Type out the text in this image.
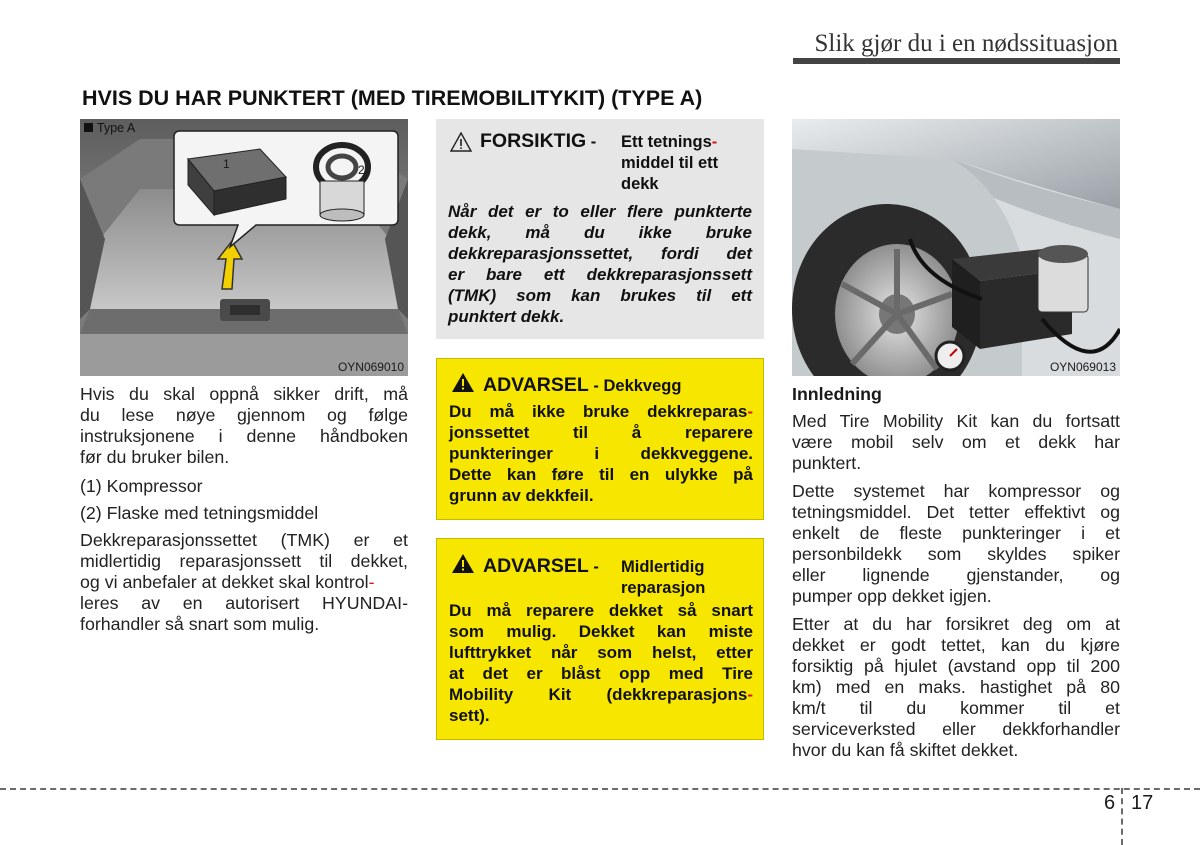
Slik gjør du i en nødssituasjon
HVIS DU HAR PUNKTERT (MED TIREMOBILITYKIT) (TYPE A)
Type A
1	2
OYN069010
Hvis du skal oppnå sikker drift, må
du lese nøye gjennom og følge
instruksjonene i denne håndboken
før du bruker bilen.
(1) Kompressor
(2) Flaske med tetningsmiddel
Dekkreparasjonssettet (TMK) er et
midlertidig reparasjonssett til dekket,
og vi anbefaler at dekket skal kontrol-
leres av en autorisert HYUNDAI-
forhandler så snart som mulig.
FORSIKTIG - Ett tetnings-
middel til ett
dekk
Når det er to eller flere punkterte
dekk, må du ikke bruke
dekkreparasjonssettet, fordi det
er bare ett dekkreparasjonssett
(TMK) som kan brukes til ett
punktert dekk.
ADVARSEL - Dekkvegg
Du må ikke bruke dekkreparas-
jonssettet til å reparere
punkteringer i dekkveggene.
Dette kan føre til en ulykke på
grunn av dekkfeil.
ADVARSEL - Midlertidig
reparasjon
Du må reparere dekket så snart
som mulig. Dekket kan miste
lufttrykket når som helst, etter
at det er blåst opp med Tire
Mobility Kit (dekkreparasjons-
sett).
OYN069013
Innledning
Med Tire Mobility Kit kan du fortsatt
være mobil selv om et dekk har
punktert.
Dette systemet har kompressor og
tetningsmiddel. Det tetter effektivt og
enkelt de fleste punkteringer i et
personbildekk som skyldes spiker
eller lignende gjenstander, og
pumper opp dekket igjen.
Etter at du har forsikret deg om at
dekket er godt tettet, kan du kjøre
forsiktig på hjulet (avstand opp til 200
km) med en maks. hastighet på 80
km/t til du kommer til et
serviceverksted eller dekkforhandler
hvor du kan få skiftet dekket.
6 17
